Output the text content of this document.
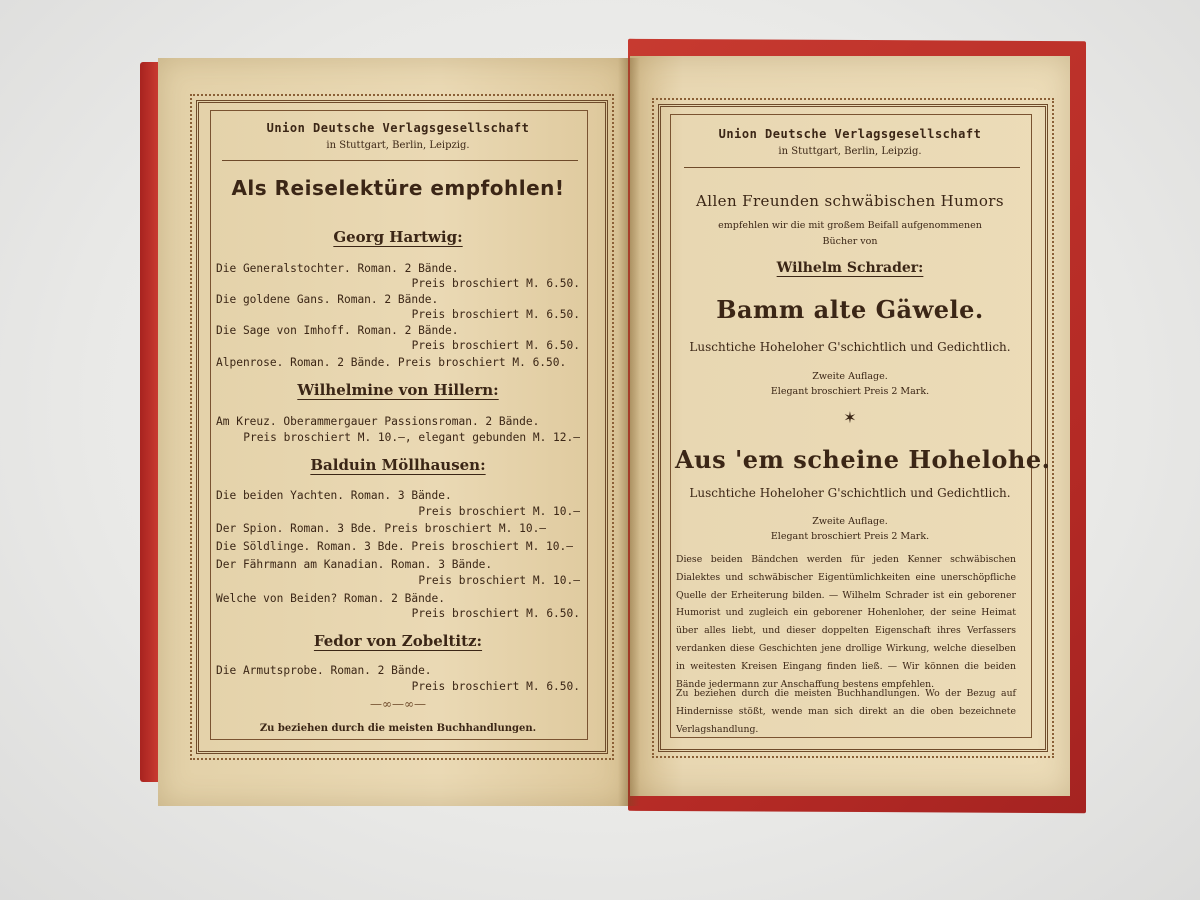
Union Deutsche Verlagsgesellschaft
in Stuttgart, Berlin, Leipzig.
Als Reiselektüre empfohlen!
Georg Hartwig:
Die Generalstochter. Roman. 2 Bände.
Preis broschiert M. 6.50.
Die goldene Gans. Roman. 2 Bände.
Preis broschiert M. 6.50.
Die Sage von Imhoff. Roman. 2 Bände.
Preis broschiert M. 6.50.
Alpenrose. Roman. 2 Bände. Preis broschiert M. 6.50.
Wilhelmine von Hillern:
Am Kreuz. Oberammergauer Passionsroman. 2 Bände.
Preis broschiert M. 10.—, elegant gebunden M. 12.—
Balduin Möllhausen:
Die beiden Yachten. Roman. 3 Bände.
Preis broschiert M. 10.—
Der Spion. Roman. 3 Bde. Preis broschiert M. 10.—
Die Söldlinge. Roman. 3 Bde. Preis broschiert M. 10.—
Der Fährmann am Kanadian. Roman. 3 Bände.
Preis broschiert M. 10.—
Welche von Beiden? Roman. 2 Bände.
Preis broschiert M. 6.50.
Fedor von Zobeltitz:
Die Armutsprobe. Roman. 2 Bände.
Preis broschiert M. 6.50.
—∞—∞—
Zu beziehen durch die meisten Buchhandlungen.
Union Deutsche Verlagsgesellschaft
in Stuttgart, Berlin, Leipzig.
Allen Freunden schwäbischen Humors
empfehlen wir die mit großem Beifall aufgenommenen
Bücher von
Wilhelm Schrader:
Bamm alte Gäwele.
Luschtiche Hoheloher G'schichtlich und Gedichtlich.
Zweite Auflage.
Elegant broschiert Preis 2 Mark.
✶
Aus 'em scheine Hohelohe.
Luschtiche Hoheloher G'schichtlich und Gedichtlich.
Zweite Auflage.
Elegant broschiert Preis 2 Mark.
Diese beiden Bändchen werden für jeden Kenner schwäbischen Dialektes und schwäbischer Eigentümlichkeiten eine unerschöpfliche Quelle der Erheiterung bilden. — Wilhelm Schrader ist ein geborener Humorist und zugleich ein geborener Hohenloher, der seine Heimat über alles liebt, und dieser doppelten Eigenschaft ihres Verfassers verdanken diese Geschichten jene drollige Wirkung, welche dieselben in weitesten Kreisen Eingang finden ließ. — Wir können die beiden Bände jedermann zur Anschaffung bestens empfehlen.
Zu beziehen durch die meisten Buchhandlungen. Wo der Bezug auf Hindernisse stößt, wende man sich direkt an die oben bezeichnete Verlagshandlung.
